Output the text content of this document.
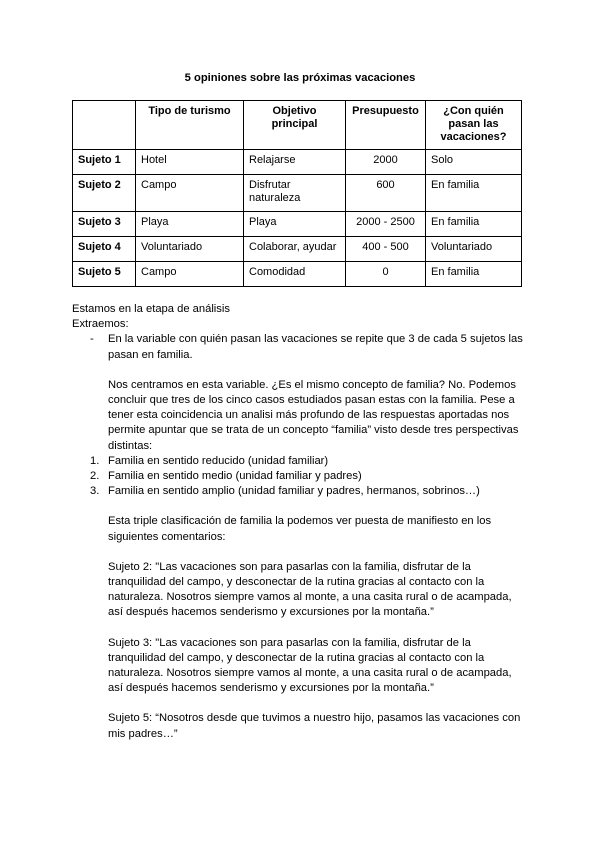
5 opiniones sobre las próximas vacaciones
	Tipo de turismo	Objetivo principal	Presupuesto	¿Con quién pasan las vacaciones?
Sujeto 1	Hotel	Relajarse	2000	Solo
Sujeto 2	Campo	Disfrutar naturaleza	600	En familia
Sujeto 3	Playa	Playa	2000 - 2500	En familia
Sujeto 4	Voluntariado	Colaborar, ayudar	400 - 500	Voluntariado
Sujeto 5	Campo	Comodidad	0	En familia

Estamos en la etapa de análisis

Extraemos:

- En la variable con quién pasan las vacaciones se repite que 3 de cada 5 sujetos las pasan en familia.
Nos centramos en esta variable. ¿Es el mismo concepto de familia? No. Podemos concluir que tres de los cinco casos estudiados pasan estas con la familia. Pese a tener esta coincidencia un analisi más profundo de las respuestas aportadas nos permite apuntar que se trata de un concepto “familia” visto desde tres perspectivas distintas:
1. Familia en sentido reducido (unidad familiar)
2. Familia en sentido medio (unidad familiar y padres)
3. Familia en sentido amplio (unidad familiar y padres, hermanos, sobrinos…)
Esta triple clasificación de familia la podemos ver puesta de manifiesto en los siguientes comentarios:
Sujeto 2: "Las vacaciones son para pasarlas con la familia, disfrutar de la tranquilidad del campo, y desconectar de la rutina gracias al contacto con la naturaleza. Nosotros siempre vamos al monte, a una casita rural o de acampada, así después hacemos senderismo y excursiones por la montaña.”
Sujeto 3: "Las vacaciones son para pasarlas con la familia, disfrutar de la tranquilidad del campo, y desconectar de la rutina gracias al contacto con la naturaleza. Nosotros siempre vamos al monte, a una casita rural o de acampada, así después hacemos senderismo y excursiones por la montaña.”
Sujeto 5: “Nosotros desde que tuvimos a nuestro hijo, pasamos las vacaciones con mis padres…”
